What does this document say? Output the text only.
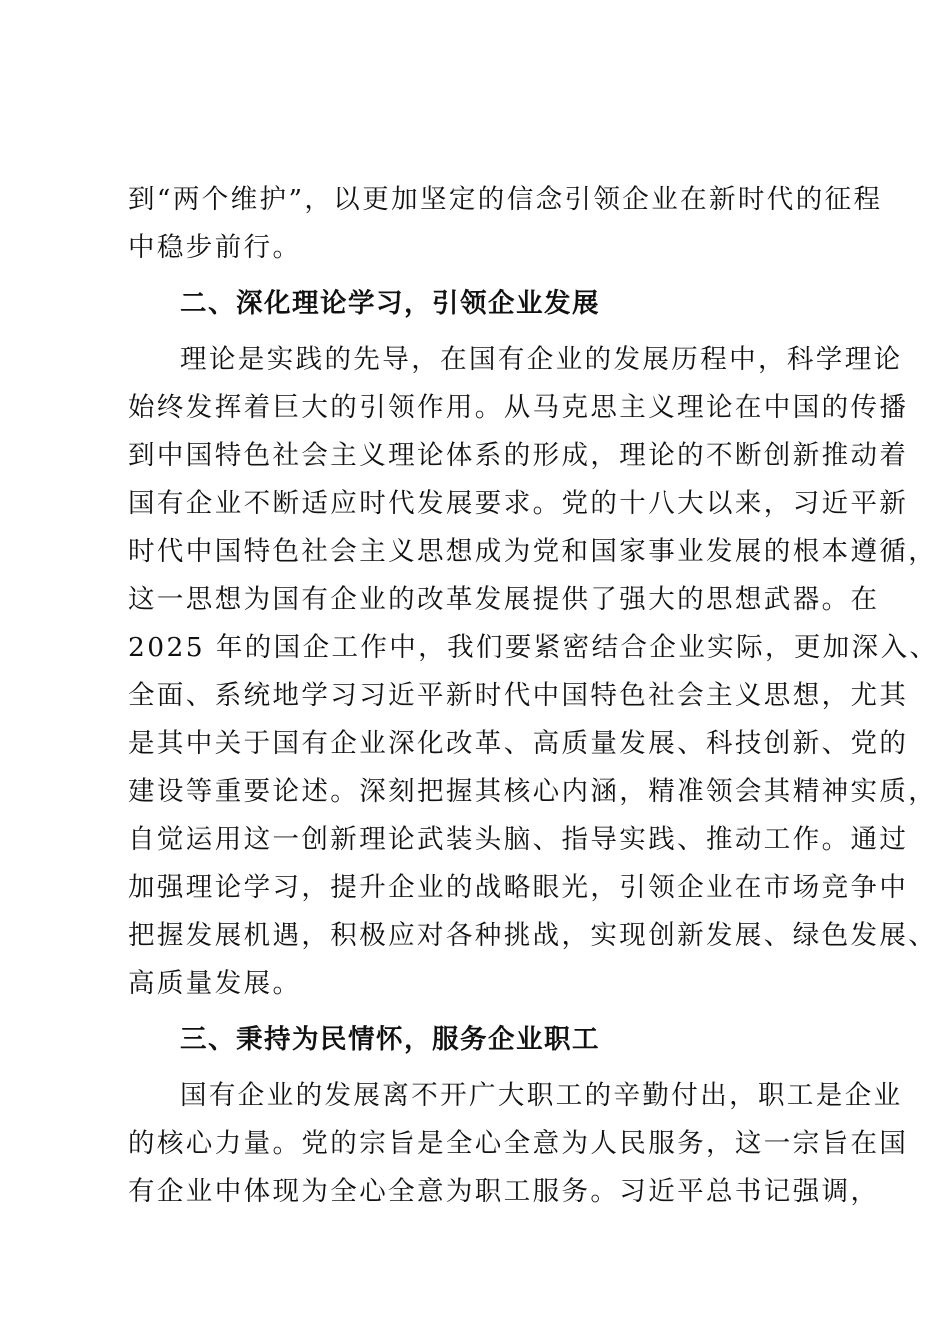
到“两个维护”，以更加坚定的信念引领企业在新时代的征程
中稳步前行。
二、深化理论学习，引领企业发展
理论是实践的先导，在国有企业的发展历程中，科学理论
始终发挥着巨大的引领作用。从马克思主义理论在中国的传播
到中国特色社会主义理论体系的形成，理论的不断创新推动着
国有企业不断适应时代发展要求。党的十八大以来，习近平新
时代中国特色社会主义思想成为党和国家事业发展的根本遵循，
这一思想为国有企业的改革发展提供了强大的思想武器。在
2025 年的国企工作中，我们要紧密结合企业实际，更加深入、
全面、系统地学习习近平新时代中国特色社会主义思想，尤其
是其中关于国有企业深化改革、高质量发展、科技创新、党的
建设等重要论述。深刻把握其核心内涵，精准领会其精神实质，
自觉运用这一创新理论武装头脑、指导实践、推动工作。通过
加强理论学习，提升企业的战略眼光，引领企业在市场竞争中
把握发展机遇，积极应对各种挑战，实现创新发展、绿色发展、
高质量发展。
三、秉持为民情怀，服务企业职工
国有企业的发展离不开广大职工的辛勤付出，职工是企业
的核心力量。党的宗旨是全心全意为人民服务，这一宗旨在国
有企业中体现为全心全意为职工服务。习近平总书记强调，
